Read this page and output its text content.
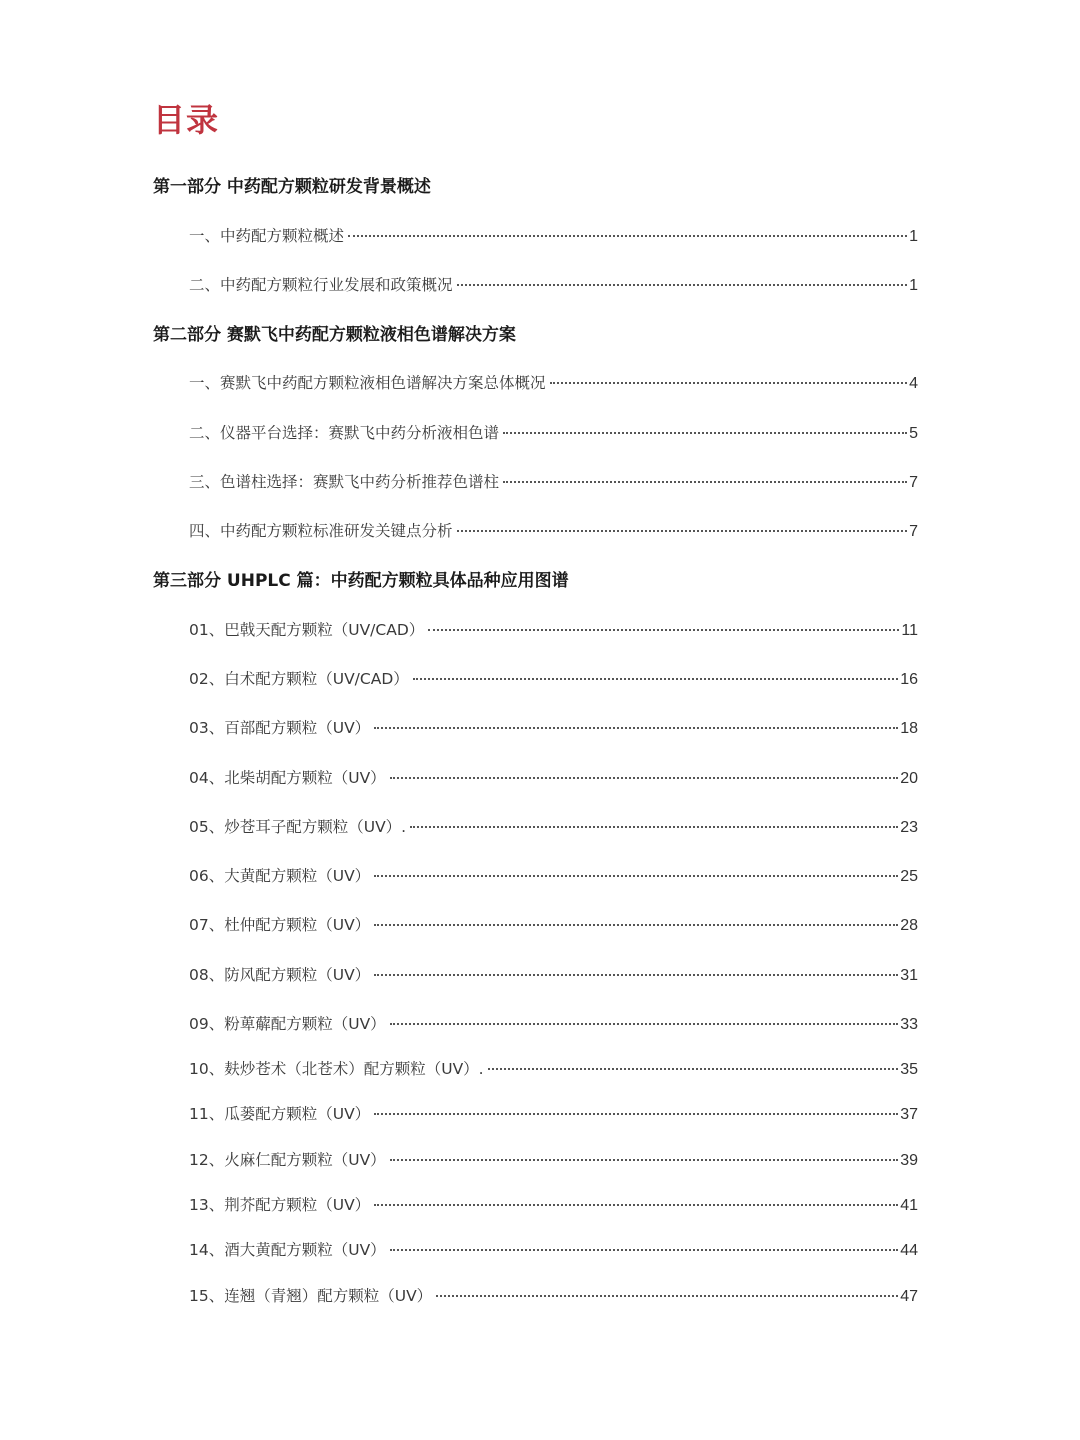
目录
第一部分 中药配方颗粒研发背景概述
一、中药配方颗粒概述	1
二、中药配方颗粒行业发展和政策概况	1
第二部分 赛默飞中药配方颗粒液相色谱解决方案
一、赛默飞中药配方颗粒液相色谱解决方案总体概况	4
二、仪器平台选择：赛默飞中药分析液相色谱	5
三、色谱柱选择：赛默飞中药分析推荐色谱柱	7
四、中药配方颗粒标准研发关键点分析	7
第三部分 UHPLC 篇：中药配方颗粒具体品种应用图谱
01、巴戟天配方颗粒（UV/CAD）	11
02、白术配方颗粒（UV/CAD）	16
03、百部配方颗粒（UV）	18
04、北柴胡配方颗粒（UV）	20
05、炒苍耳子配方颗粒（UV）.	23
06、大黄配方颗粒（UV）	25
07、杜仲配方颗粒（UV）	28
08、防风配方颗粒（UV）	31
09、粉萆薢配方颗粒（UV）	33
10、麸炒苍术（北苍术）配方颗粒（UV）.	35
11、瓜蒌配方颗粒（UV）	37
12、火麻仁配方颗粒（UV）	39
13、荆芥配方颗粒（UV）	41
14、酒大黄配方颗粒（UV）	44
15、连翘（青翘）配方颗粒（UV）	47
